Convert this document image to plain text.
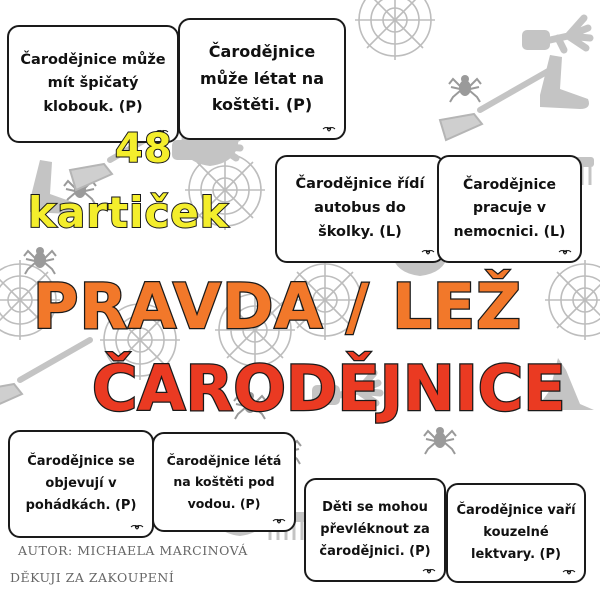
Čarodějnice může mít špičatý klobouk. (P)
Čarodějnice může létat na koštěti. (P)
Čarodějnice řídí autobus do školky. (L)
Čarodějnice pracuje v nemocnici. (L)
Čarodějnice se objevují v pohádkách. (P)
Čarodějnice létá na koštěti pod vodou. (P)	Děti se mohou převléknout za čarodějnici. (P)
Čarodějnice vaří kouzelné lektvary. (P)
48
kartiček
PRAVDA / LEŽ
ČARODĚJNICE
AUTOR: MICHAELA MARCINOVÁ
DĚKUJI ZA ZAKOUPENÍ
